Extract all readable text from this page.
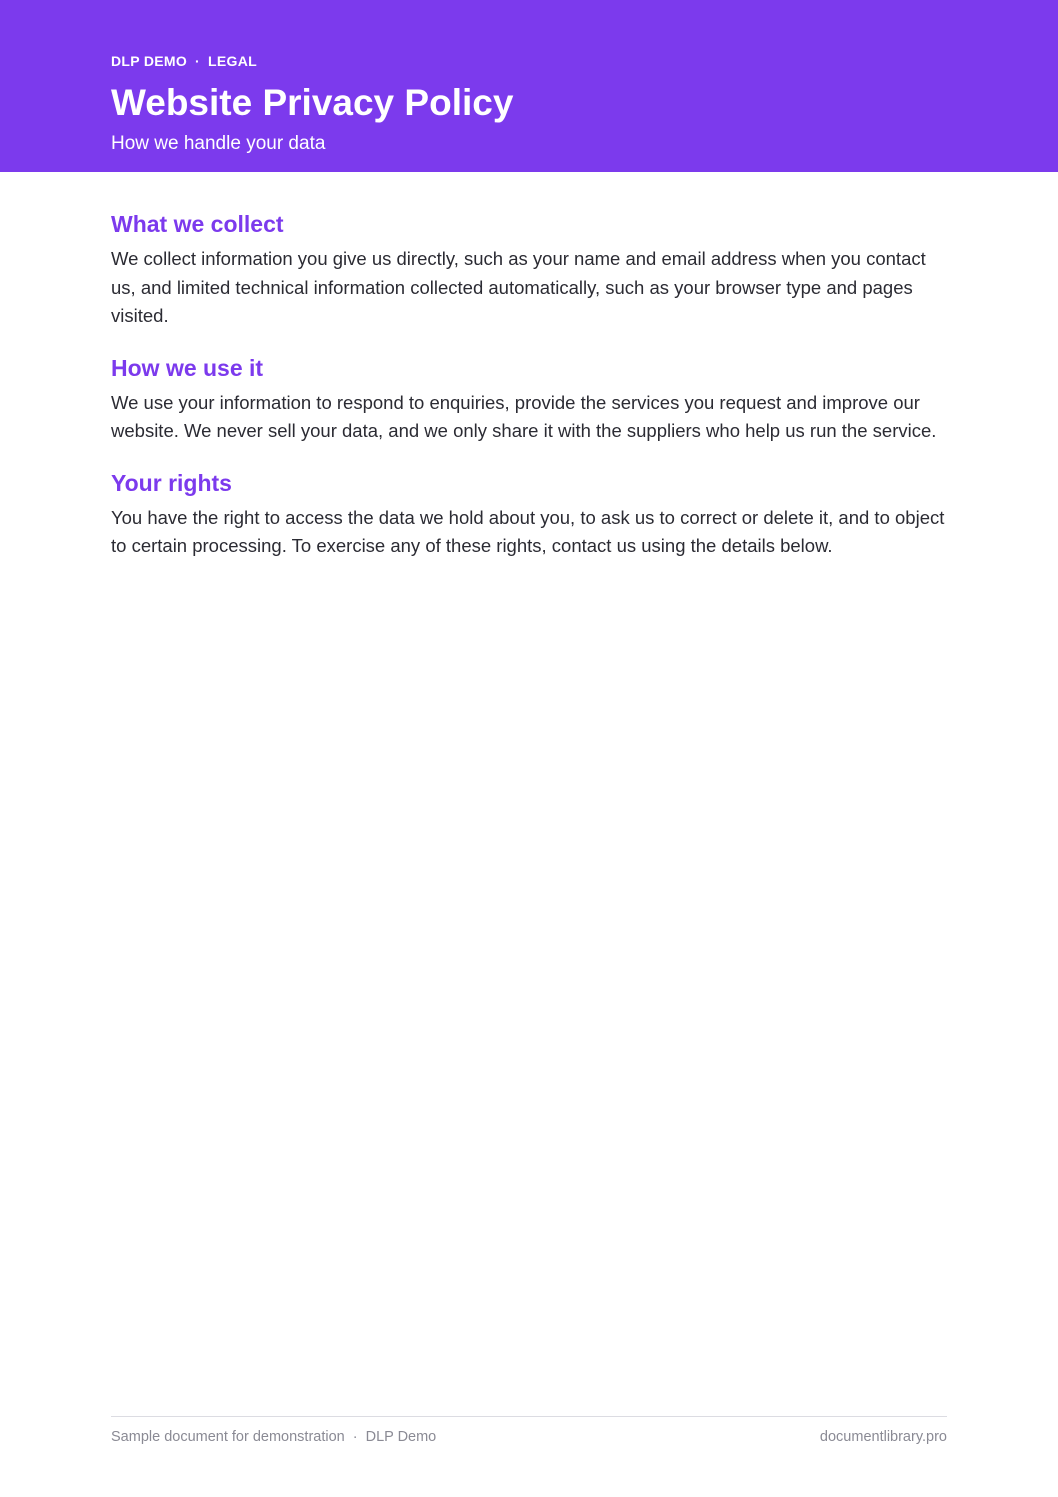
DLP DEMO · LEGAL
Website Privacy Policy
How we handle your data
What we collect

We collect information you give us directly, such as your name and email address when you contact us, and limited technical information collected automatically, such as your browser type and pages visited.

How we use it

We use your information to respond to enquiries, provide the services you request and improve our website. We never sell your data, and we only share it with the suppliers who help us run the service.

Your rights

You have the right to access the data we hold about you, to ask us to correct or delete it, and to object to certain processing. To exercise any of these rights, contact us using the details below.

Sample document for demonstration · DLP Demo	documentlibrary.pro
